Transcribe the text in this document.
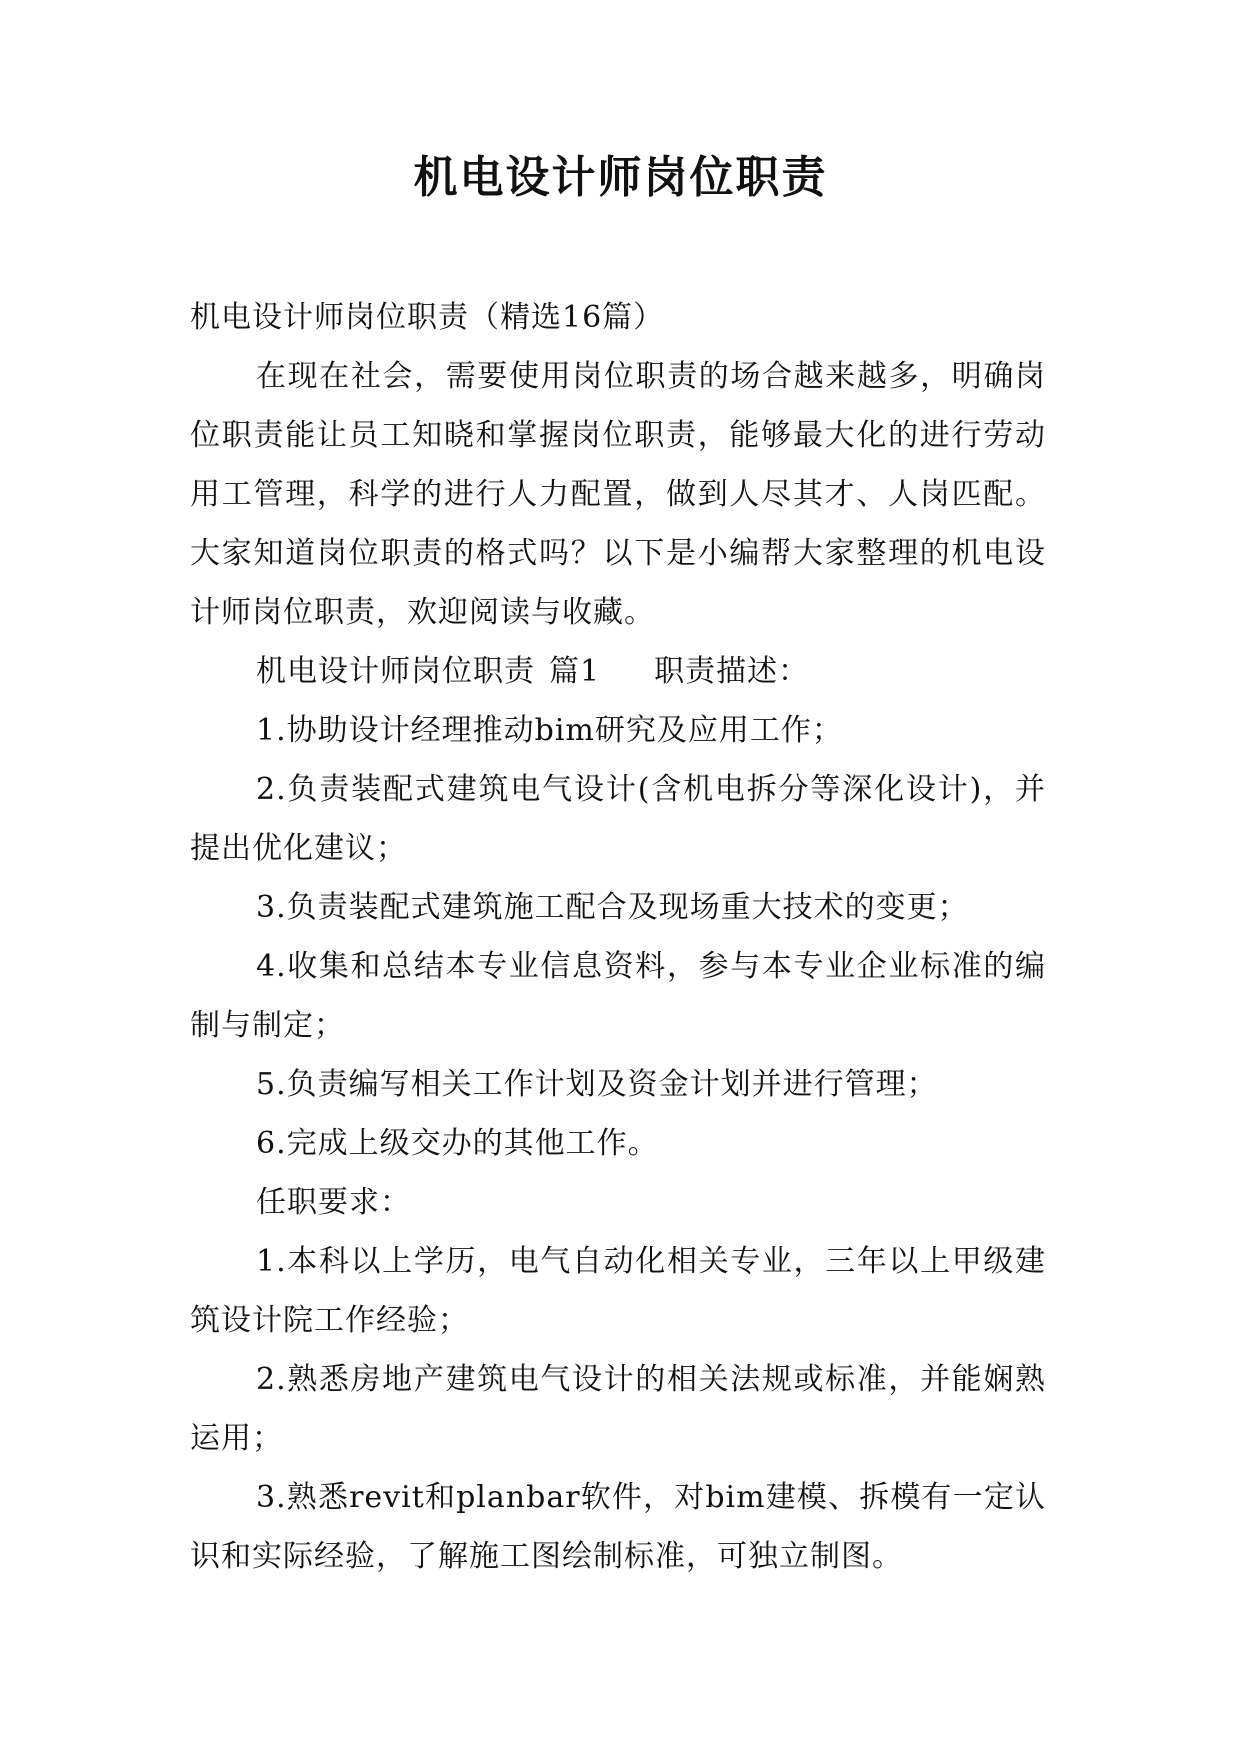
机电设计师岗位职责

机电设计师岗位职责（精选16篇）

在现在社会，需要使用岗位职责的场合越来越多，明确岗位职责能让员工知晓和掌握岗位职责，能够最大化的进行劳动用工管理，科学的进行人力配置，做到人尽其才、人岗匹配。大家知道岗位职责的格式吗？以下是小编帮大家整理的机电设计师岗位职责，欢迎阅读与收藏。

机电设计师岗位职责 篇1 职责描述：

1.协助设计经理推动bim研究及应用工作；

2.负责装配式建筑电气设计(含机电拆分等深化设计)，并提出优化建议；

3.负责装配式建筑施工配合及现场重大技术的变更；

4.收集和总结本专业信息资料，参与本专业企业标准的编制与制定；

5.负责编写相关工作计划及资金计划并进行管理；

6.完成上级交办的其他工作。

任职要求：

1.本科以上学历，电气自动化相关专业，三年以上甲级建筑设计院工作经验；

2.熟悉房地产建筑电气设计的相关法规或标准，并能娴熟运用；

3.熟悉revit和planbar软件，对bim建模、拆模有一定认识和实际经验，了解施工图绘制标准，可独立制图。
